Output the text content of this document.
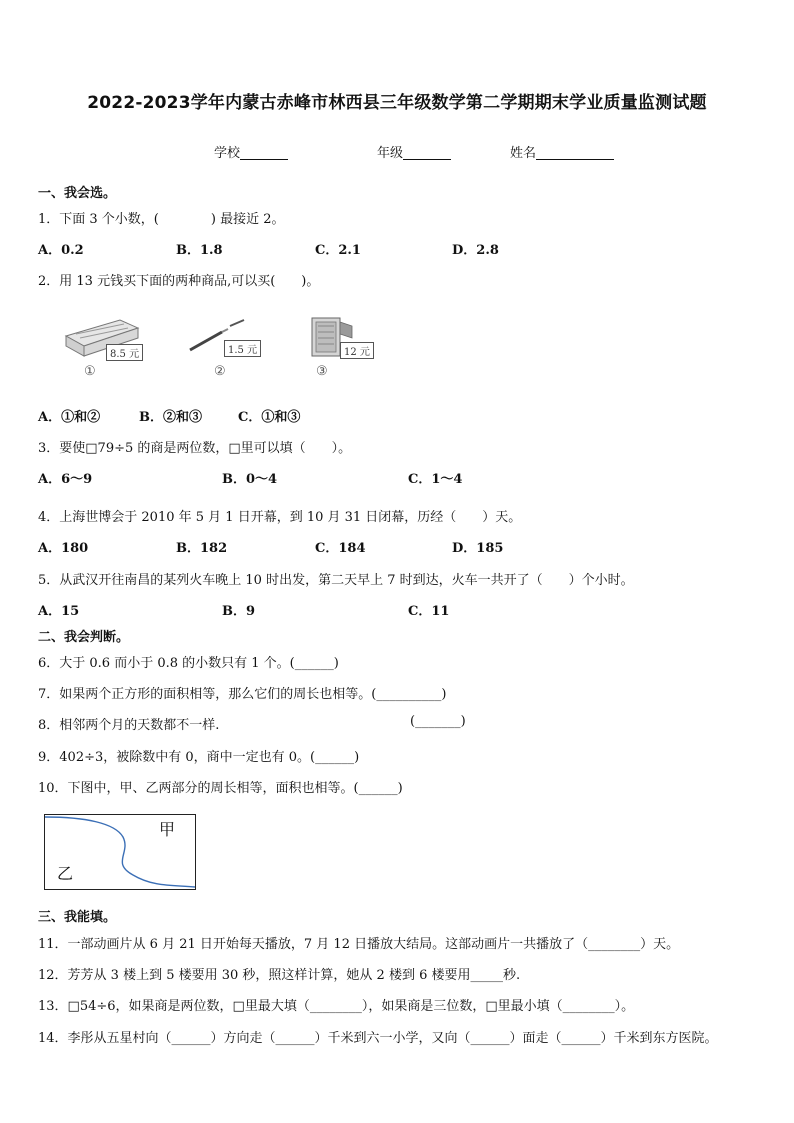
2022-2023学年内蒙古赤峰市林西县三年级数学第二学期期末学业质量监测试题
学校	年级	姓名
一、我会选。
1．下面 3 个小数，(　　　　) 最接近 2。
A．0.2	B．1.8	C．2.1	D．2.8
2．用 13 元钱买下面的两种商品,可以买(　　)。
8.5 元
①
1.5 元
②
12 元
③
A．①和②	B．②和③	C．①和③
3．要使□79÷5 的商是两位数，□里可以填（　　）。
A．6～9	B．0～4	C．1～4
4．上海世博会于 2010 年 5 月 1 日开幕，到 10 月 31 日闭幕，历经（　　）天。
A．180	B．182	C．184	D．185
5．从武汉开往南昌的某列火车晚上 10 时出发，第二天早上 7 时到达，火车一共开了（　　）个小时。
A．15	B．9	C．11
二、我会判断。
6．大于 0.6 而小于 0.8 的小数只有 1 个。(______)
7．如果两个正方形的面积相等，那么它们的周长也相等。(__________)
8．相邻两个月的天数都不一样.	(_______)
9．402÷3，被除数中有 0，商中一定也有 0。(______)
10．下图中，甲、乙两部分的周长相等，面积也相等。(______)
甲
乙
三、我能填。
11．一部动画片从 6 月 21 日开始每天播放，7 月 12 日播放大结局。这部动画片一共播放了（________）天。
12．芳芳从 3 楼上到 5 楼要用 30 秒，照这样计算，她从 2 楼到 6 楼要用_____秒.
13．□54÷6，如果商是两位数，□里最大填（________），如果商是三位数，□里最小填（________）。
14．李彤从五星村向（______）方向走（______）千米到六一小学，又向（______）面走（______）千米到东方医院。
